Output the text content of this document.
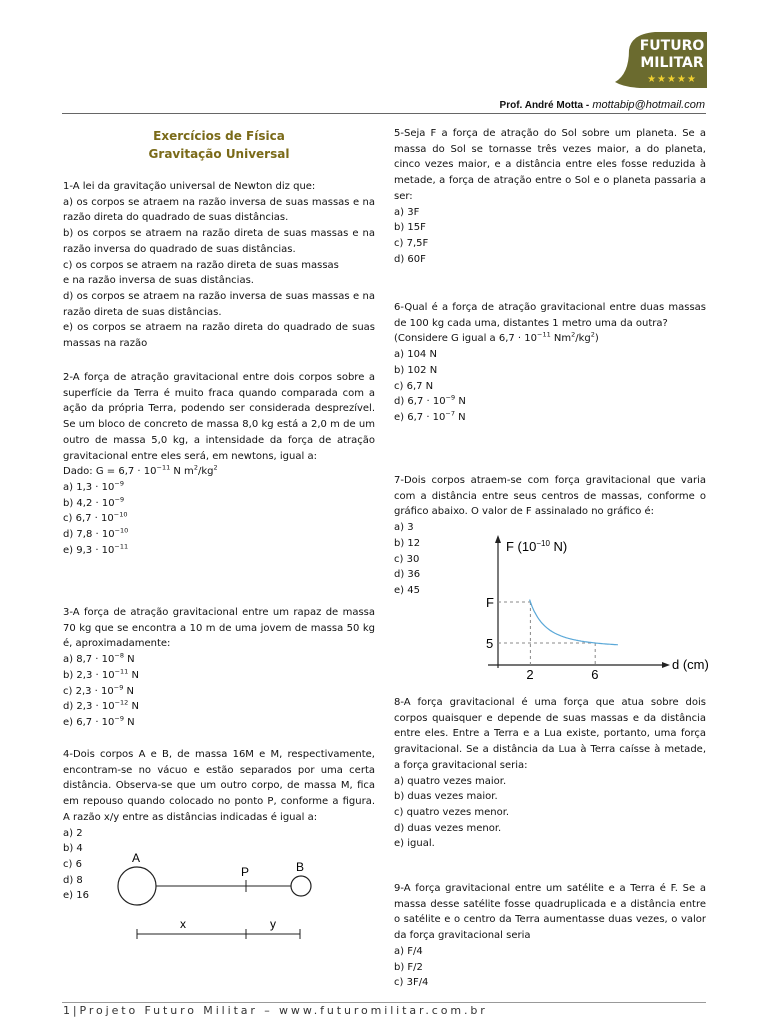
FUTURO
MILITAR
★★★★★
Prof. André Motta - mottabip@hotmail.com
Exercícios de Física
Gravitação Universal
1-A lei da gravitação universal de Newton diz que:
a) os corpos se atraem na razão inversa de suas massas e na razão direta do quadrado de suas distâncias.
b) os corpos se atraem na razão direta de suas massas e na razão inversa do quadrado de suas distâncias.
c) os corpos se atraem na razão direta de suas massas
e na razão inversa de suas distâncias.
d) os corpos se atraem na razão inversa de suas massas e na razão direta de suas distâncias.
e) os corpos se atraem na razão direta do quadrado de suas massas na razão
2-A força de atração gravitacional entre dois corpos sobre a superfície da Terra é muito fraca quando comparada com a ação da própria Terra, podendo ser considerada desprezível. Se um bloco de concreto de massa 8,0 kg está a 2,0 m de um outro de massa 5,0 kg, a intensidade da força de atração gravitacional entre eles será, em newtons, igual a:
Dado: $G = 6,7 \cdot 10^{-11}$ N $m^2/kg^2$
a) $1,3 \cdot 10^{-9}$
b) $4,2 \cdot 10^{-9}$
c) $6,7 \cdot 10^{-10}$
d) $7,8 \cdot 10^{-10}$
e) $9,3 \cdot 10^{-11}$
3-A força de atração gravitacional entre um rapaz de massa 70 kg que se encontra a 10 m de uma jovem de massa 50 kg é, aproximadamente:
a) $8,7 \cdot 10^{-8}$ N
b) $2,3 \cdot 10^{-11}$ N
c) $2,3 \cdot 10^{-9}$ N
d) $2,3 \cdot 10^{-12}$ N
e) $6,7 \cdot 10^{-9}$ N
4-Dois corpos A e B, de massa 16M e M, respectivamente, encontram-se no vácuo e estão separados por uma certa distância. Observa-se que um outro corpo, de massa M, fica em repouso quando colocado no ponto P, conforme a figura. A razão x/y entre as distâncias indicadas é igual a:
a) 2
b) 4
c) 6
d) 8
e) 16
A
P	B
x	y
5-Seja F a força de atração do Sol sobre um planeta. Se a massa do Sol se tornasse três vezes maior, a do planeta, cinco vezes maior, e a distância entre eles fosse reduzida à metade, a força de atração entre o Sol e o planeta passaria a ser:
a) 3F
b) 15F
c) 7,5F
d) 60F
6-Qual é a força de atração gravitacional entre duas massas de 100 kg cada uma, distantes 1 metro uma da outra?
(Considere G igual a $6,7 \cdot 10^{-11}$ $Nm^2/kg^2$)
a) 104 N
b) 102 N
c) 6,7 N
d) $6,7 \cdot 10^{-9}$ N
e) $6,7 \cdot 10^{-7}$ N
7-Dois corpos atraem-se com força gravitacional que varia com a distância entre seus centros de massas, conforme o gráfico abaixo. O valor de F assinalado no gráfico é:
a) 3
b) 12
c) 30
d) 36
e) 45
8-A força gravitacional é uma força que atua sobre dois corpos quaisquer e depende de suas massas e da distância entre eles. Entre a Terra e a Lua existe, portanto, uma força gravitacional. Se a distância da Lua à Terra caísse à metade, a força gravitacional seria:
a) quatro vezes maior.
b) duas vezes maior.
c) quatro vezes menor.
d) duas vezes menor.
e) igual.
9-A força gravitacional entre um satélite e a Terra é F. Se a massa desse satélite fosse quadruplicada e a distância entre o satélite e o centro da Terra aumentasse duas vezes, o valor da força gravitacional seria
a) F/4
b) F/2
c) 3F/4
F ($10^{-10}$ N)
d (cm)
2	6
F
5
1|Projeto Futuro Militar – www.futuromilitar.com.br
